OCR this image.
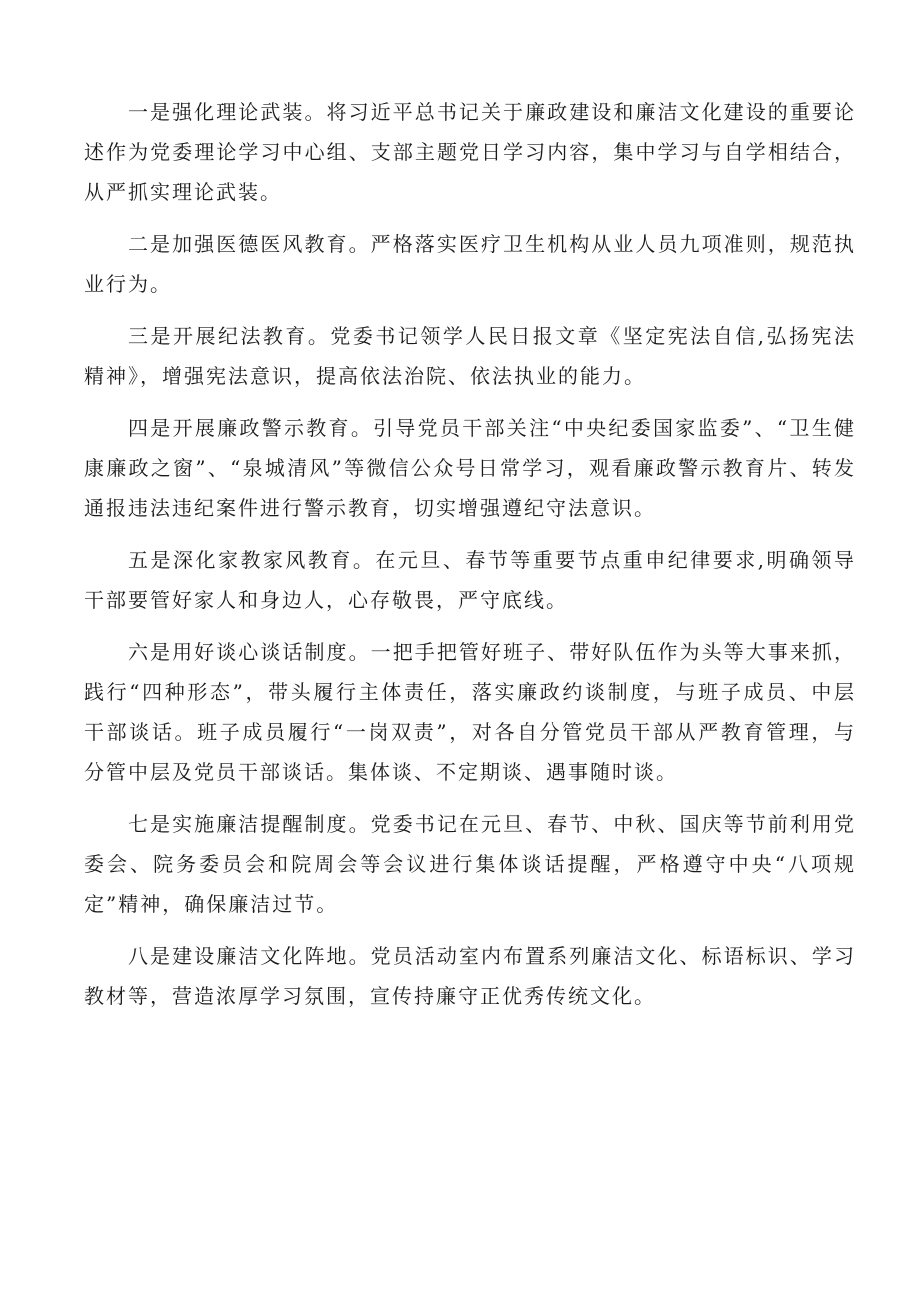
一是强化理论武装。将习近平总书记关于廉政建设和廉洁文化建设的重要论述作为党委理论学习中心组、支部主题党日学习内容，集中学习与自学相结合，从严抓实理论武装。

二是加强医德医风教育。严格落实医疗卫生机构从业人员九项准则，规范执业行为。

三是开展纪法教育。党委书记领学人民日报文章《坚定宪法自信,弘扬宪法精神》，增强宪法意识，提高依法治院、依法执业的能力。

四是开展廉政警示教育。引导党员干部关注“中央纪委国家监委”、“卫生健康廉政之窗”、“泉城清风”等微信公众号日常学习，观看廉政警示教育片、转发通报违法违纪案件进行警示教育，切实增强遵纪守法意识。

五是深化家教家风教育。在元旦、春节等重要节点重申纪律要求,明确领导干部要管好家人和身边人，心存敬畏，严守底线。

六是用好谈心谈话制度。一把手把管好班子、带好队伍作为头等大事来抓，践行“四种形态”，带头履行主体责任，落实廉政约谈制度，与班子成员、中层干部谈话。班子成员履行“一岗双责”，对各自分管党员干部从严教育管理，与分管中层及党员干部谈话。集体谈、不定期谈、遇事随时谈。

七是实施廉洁提醒制度。党委书记在元旦、春节、中秋、国庆等节前利用党委会、院务委员会和院周会等会议进行集体谈话提醒，严格遵守中央“八项规定”精神，确保廉洁过节。

八是建设廉洁文化阵地。党员活动室内布置系列廉洁文化、标语标识、学习教材等，营造浓厚学习氛围，宣传持廉守正优秀传统文化。
